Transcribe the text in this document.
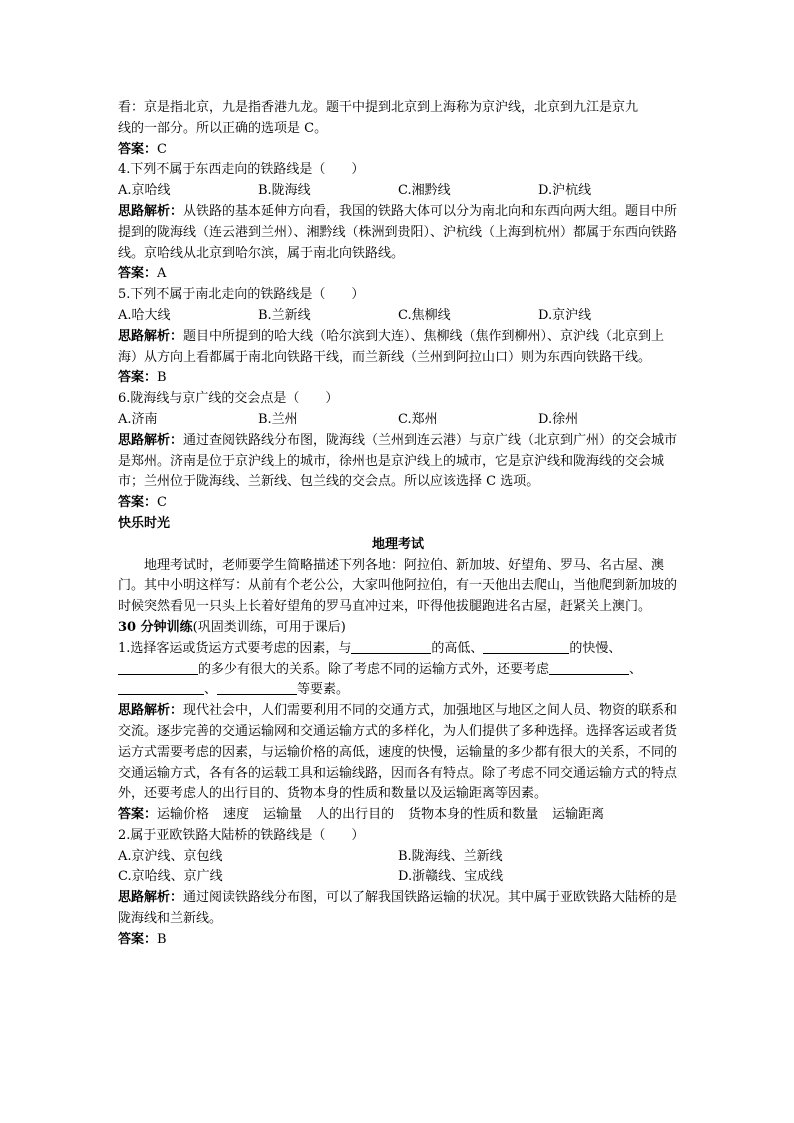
看：京是指北京，九是指香港九龙。题干中提到北京到上海称为京沪线，北京到九江是京九

线的一部分。所以正确的选项是 C。

答案：C

4.下列不属于东西走向的铁路线是（　　）

A.京哈线	B.陇海线	C.湘黔线	D.沪杭线

思路解析：从铁路的基本延伸方向看，我国的铁路大体可以分为南北向和东西向两大组。题目中所提到的陇海线（连云港到兰州）、湘黔线（株洲到贵阳）、沪杭线（上海到杭州）都属于东西向铁路线。京哈线从北京到哈尔滨，属于南北向铁路线。

答案：A

5.下列不属于南北走向的铁路线是（　　）

A.哈大线	B.兰新线	C.焦柳线	D.京沪线

思路解析：题目中所提到的哈大线（哈尔滨到大连）、焦柳线（焦作到柳州）、京沪线（北京到上海）从方向上看都属于南北向铁路干线，而兰新线（兰州到阿拉山口）则为东西向铁路干线。

答案：B

6.陇海线与京广线的交会点是（　　）

A.济南	B.兰州	C.郑州	D.徐州

思路解析：通过查阅铁路线分布图，陇海线（兰州到连云港）与京广线（北京到广州）的交会城市是郑州。济南是位于京沪线上的城市，徐州也是京沪线上的城市，它是京沪线和陇海线的交会城市；兰州位于陇海线、兰新线、包兰线的交会点。所以应该选择 C 选项。

答案：C

快乐时光

地理考试

地理考试时，老师要学生简略描述下列各地：阿拉伯、新加坡、好望角、罗马、名古屋、澳门。其中小明这样写：从前有个老公公，大家叫他阿拉伯，有一天他出去爬山，当他爬到新加坡的时候突然看见一只头上长着好望角的罗马直冲过来，吓得他拔腿跑进名古屋，赶紧关上澳门。

30 分钟训练(巩固类训练，可用于课后)

1.选择客运或货运方式要考虑的因素，与	的高低、	的快慢、
的多少有很大的关系。除了考虑不同的运输方式外，还要考虑	、
、	等要素。

思路解析：现代社会中，人们需要利用不同的交通方式，加强地区与地区之间人员、物资的联系和交流。逐步完善的交通运输网和交通运输方式的多样化，为人们提供了多种选择。选择客运或者货运方式需要考虑的因素，与运输价格的高低，速度的快慢，运输量的多少都有很大的关系，不同的交通运输方式，各有各的运载工具和运输线路，因而各有特点。除了考虑不同交通运输方式的特点外，还要考虑人的出行目的、货物本身的性质和数量以及运输距离等因素。

答案：运输价格 速度 运输量 人的出行目的 货物本身的性质和数量 运输距离

2.属于亚欧铁路大陆桥的铁路线是（　　）

A.京沪线、京包线	B.陇海线、兰新线
C.京哈线、京广线	D.浙赣线、宝成线

思路解析：通过阅读铁路线分布图，可以了解我国铁路运输的状况。其中属于亚欧铁路大陆桥的是陇海线和兰新线。

答案：B
